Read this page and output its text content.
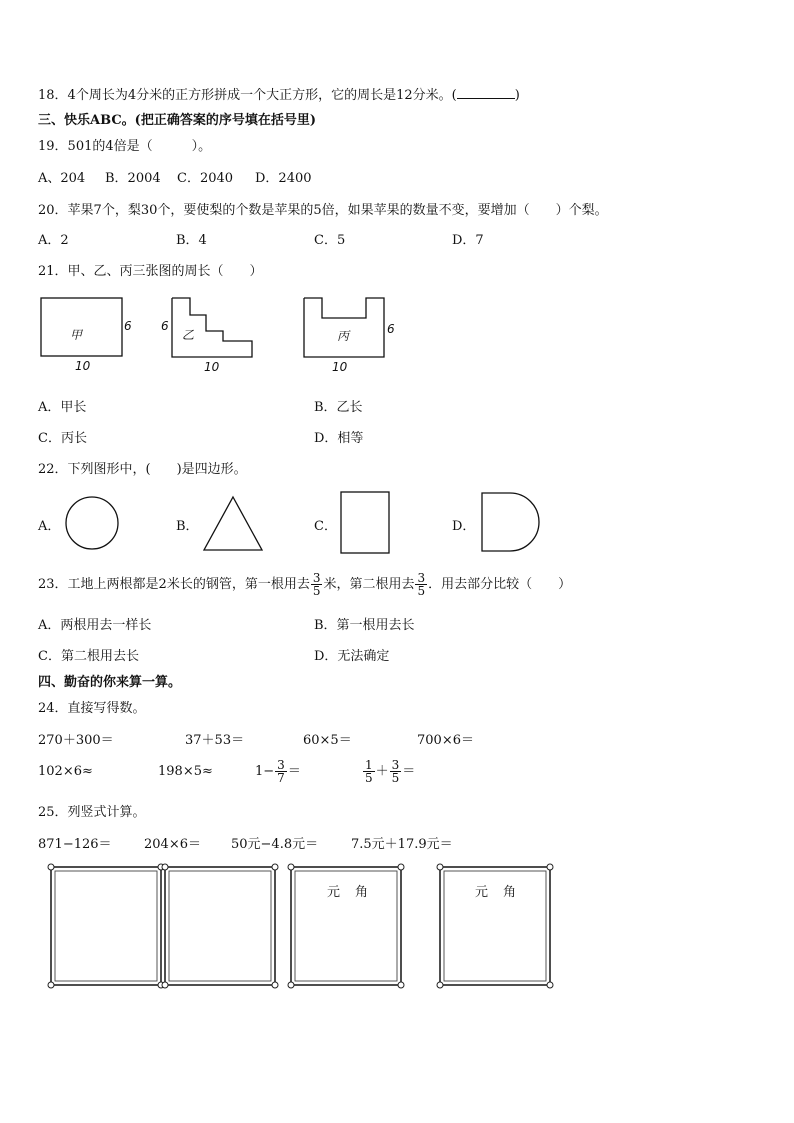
18．4个周长为4分米的正方形拼成一个大正方形，它的周长是12分米。(	)
三、快乐ABC。(把正确答案的序号填在括号里)
19．501的4倍是（　　　）。
A、204 B．2004 C．2040 D．2400
20．苹果7个，梨30个，要使梨的个数是苹果的5倍，如果苹果的数量不变，要增加（　　）个梨。
A．2	B．4	C．5	D．7
21．甲、乙、丙三张图的周长（　　）
甲
6
10
乙
6
10
丙	6
10
A．甲长	B．乙长
C．丙长	D．相等
22．下列图形中，(　　)是四边形。
A．	B．	C．	D．
23．工地上两根都是2米长的钢管，第一根用去 $\frac{3}{5}$ 米，第二根用去 $\frac{3}{5}$ ．用去部分比较（　　）
A．两根用去一样长	B．第一根用去长
C．第二根用去长	D．无法确定
四、勤奋的你来算一算。
24．直接写得数。
270＋300＝	37＋53＝	60×5＝	700×6＝
102×6≈	198×5≈	$1- \frac{3}{7}$ ＝	$\frac{1}{5} + \frac{3}{5}$ ＝
25．列竖式计算。
871−126＝ 204×6＝ 50元−4.8元＝	7.5元＋17.9元＝
元 角	元 角
